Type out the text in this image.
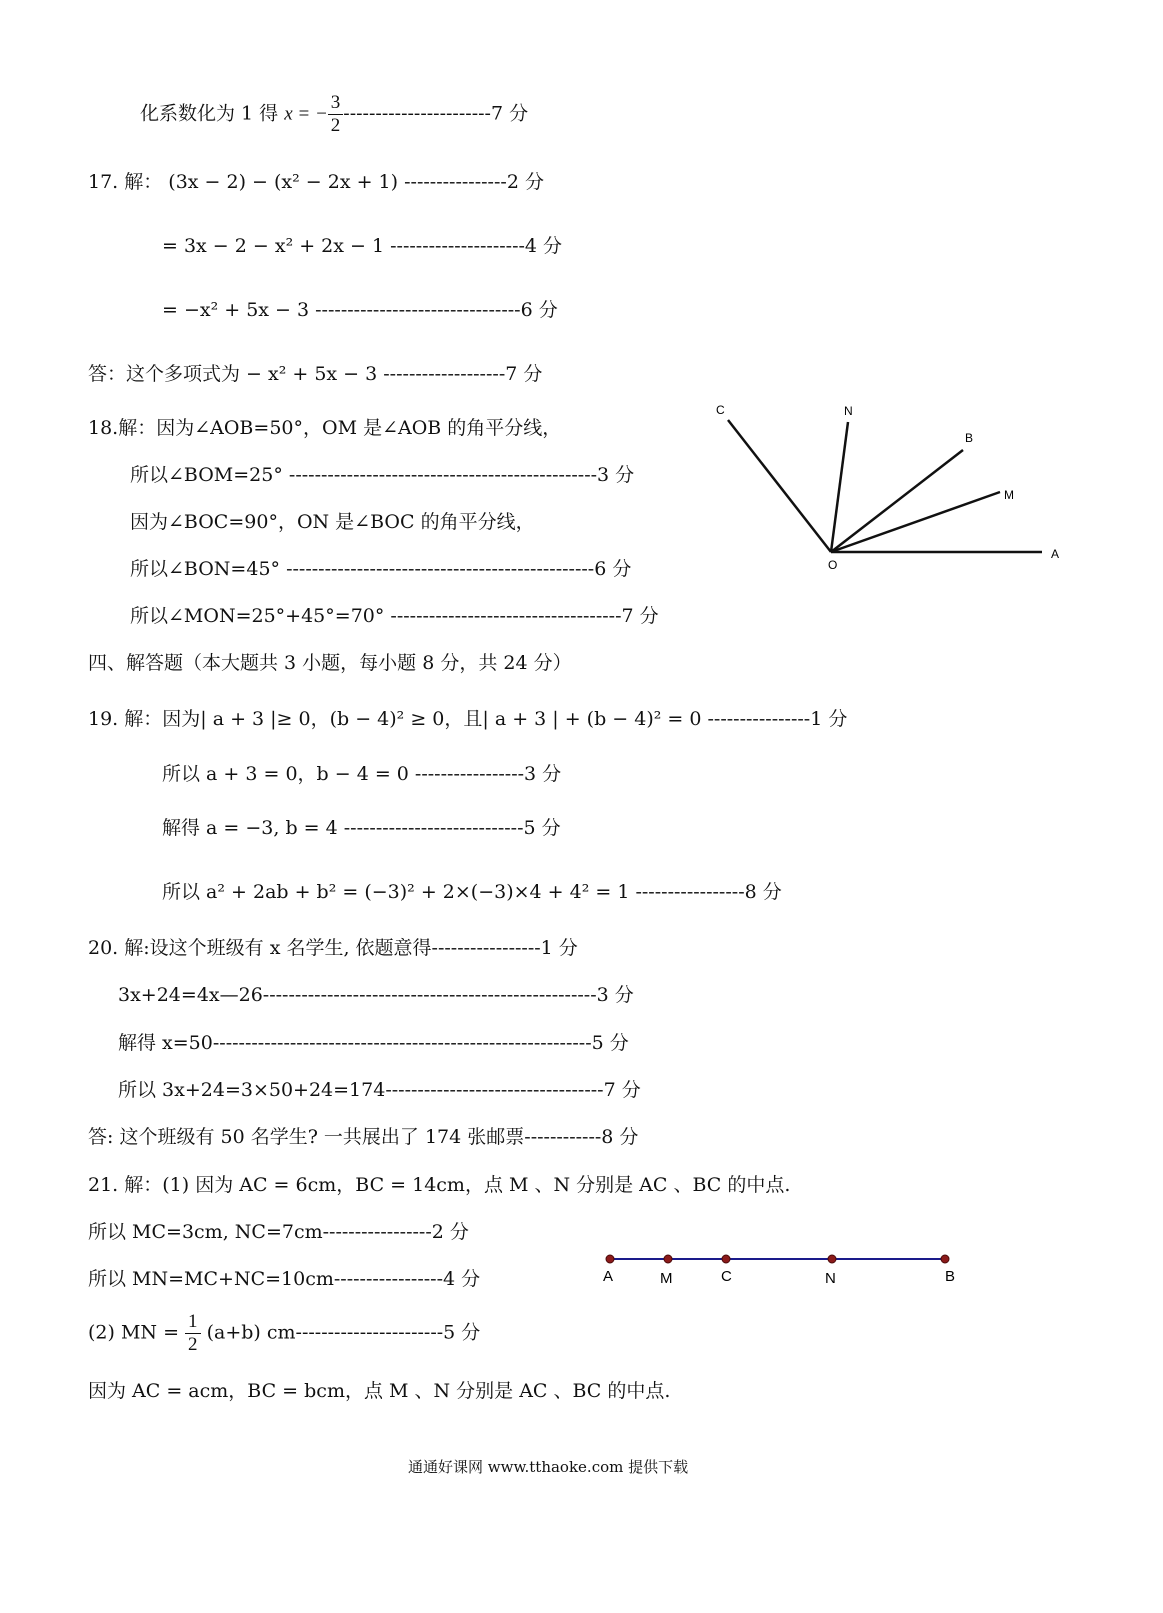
化系数化为 1 得 x = − $\frac{3}{2} -----------------------7$ 分
17. 解： (3x − 2) − (x² − 2x + 1) ----------------2 分
= 3x − 2 − x² + 2x − 1 ---------------------4 分
= −x² + 5x − 3 --------------------------------6 分
答：这个多项式为 − x² + 5x − 3 -------------------7 分
18.解：因为∠AOB=50°，OM 是∠AOB 的角平分线，
所以∠BOM=25° ------------------------------------------------3 分
因为∠BOC=90°，ON 是∠BOC 的角平分线，
所以∠BON=45° ------------------------------------------------6 分
所以∠MON=25°+45°=70° ------------------------------------7 分
C	N
B
M
O
A
四、解答题（本大题共 3 小题，每小题 8 分，共 24 分）
19. 解：因为| a + 3 |≥ 0，(b − 4)² ≥ 0，且| a + 3 | + (b − 4)² = 0 ----------------1 分
所以 a + 3 = 0，b − 4 = 0 -----------------3 分
解得 a = −3, b = 4 ----------------------------5 分
所以 a² + 2ab + b² = (−3)² + 2×(−3)×4 + 4² = 1 -----------------8 分
20. 解:设这个班级有 x 名学生, 依题意得-----------------1 分
3x+24=4x—26----------------------------------------------------3 分
解得 x=50-----------------------------------------------------------5 分
所以 3x+24=3×50+24=174----------------------------------7 分
答: 这个班级有 50 名学生? 一共展出了 174 张邮票------------8 分
21. 解：(1) 因为 AC = 6cm，BC = 14cm，点 M 、N 分别是 AC 、BC 的中点.
所以 MC=3cm, NC=7cm-----------------2 分
所以 MN=MC+NC=10cm-----------------4 分	A	M	C	N	B
(2) MN = $\frac{1}{2} (a+b)$ cm-----------------------5 分
因为 AC = acm，BC = bcm，点 M 、N 分别是 AC 、BC 的中点.
通通好课网 www.tthaoke.com 提供下载
